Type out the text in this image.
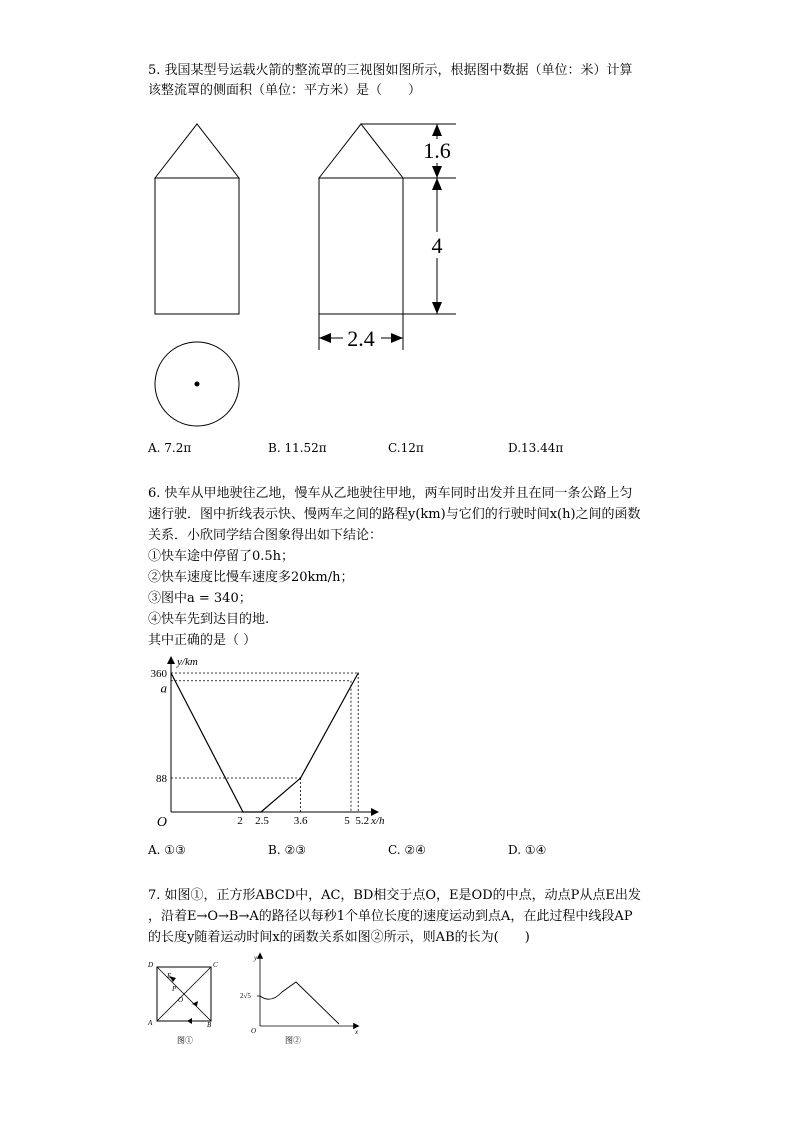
5. 我国某型号运载火箭的整流罩的三视图如图所示，根据图中数据（单位：米）计算
该整流罩的侧面积（单位：平方米）是（　　）
1.6
4
2.4
A. 7.2π	B. 11.52π	C.12π	D.13.44π
6. 快车从甲地驶往乙地，慢车从乙地驶往甲地，两车同时出发并且在同一条公路上匀
速行驶．图中折线表示快、慢两车之间的路程y(km)与它们的行驶时间x(h)之间的函数
关系．小欣同学结合图象得出如下结论：
①快车途中停留了0.5h；
②快车速度比慢车速度多20km/h；
③图中a = 340；
④快车先到达目的地.
其中正确的是（ ）
2 2.5 3.6	5 5.2
360
a
88
O	x/h
y/km
A. ①③	B. ②③	C. ②④	D. ①④
7. 如图①，正方形ABCD中，AC，BD相交于点O，E是OD的中点，动点P从点E出发
，沿着E→O→B→A的路径以每秒1个单位长度的速度运动到点A，在此过程中线段AP
的长度y随着运动时间x的函数关系如图②所示，则AB的长为(　　)
D	C
A	B
E
P
O
图①
2√5
y
x
O
图②
